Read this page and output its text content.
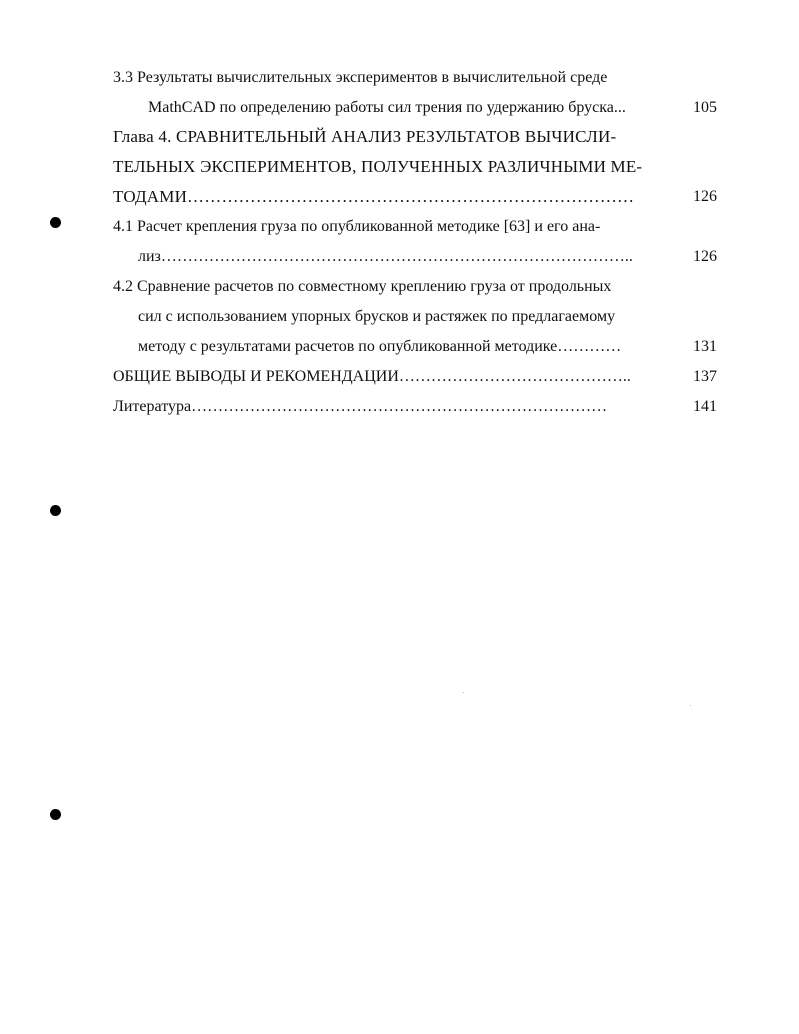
3.3 Результаты вычислительных экспериментов в вычислительной среде
MathCAD по определению работы сил трения по удержанию бруска...	105
Глава 4. СРАВНИТЕЛЬНЫЙ АНАЛИЗ РЕЗУЛЬТАТОВ ВЫЧИСЛИ-
ТЕЛЬНЫХ ЭКСПЕРИМЕНТОВ, ПОЛУЧЕННЫХ РАЗЛИЧНЫМИ МЕ-
ТОДАМИ……………………………………………………………………	126
4.1 Расчет крепления груза по опубликованной методике [63] и его ана-
лиз……………………………………………………………………………..	126
4.2 Сравнение расчетов по совместному креплению груза от продольных
сил с использованием упорных брусков и растяжек по предлагаемому
методу с результатами расчетов по опубликованной методике…………	131
ОБЩИЕ ВЫВОДЫ И РЕКОМЕНДАЦИИ……………………………………..	137
Литература……………………………………………………………………	141
